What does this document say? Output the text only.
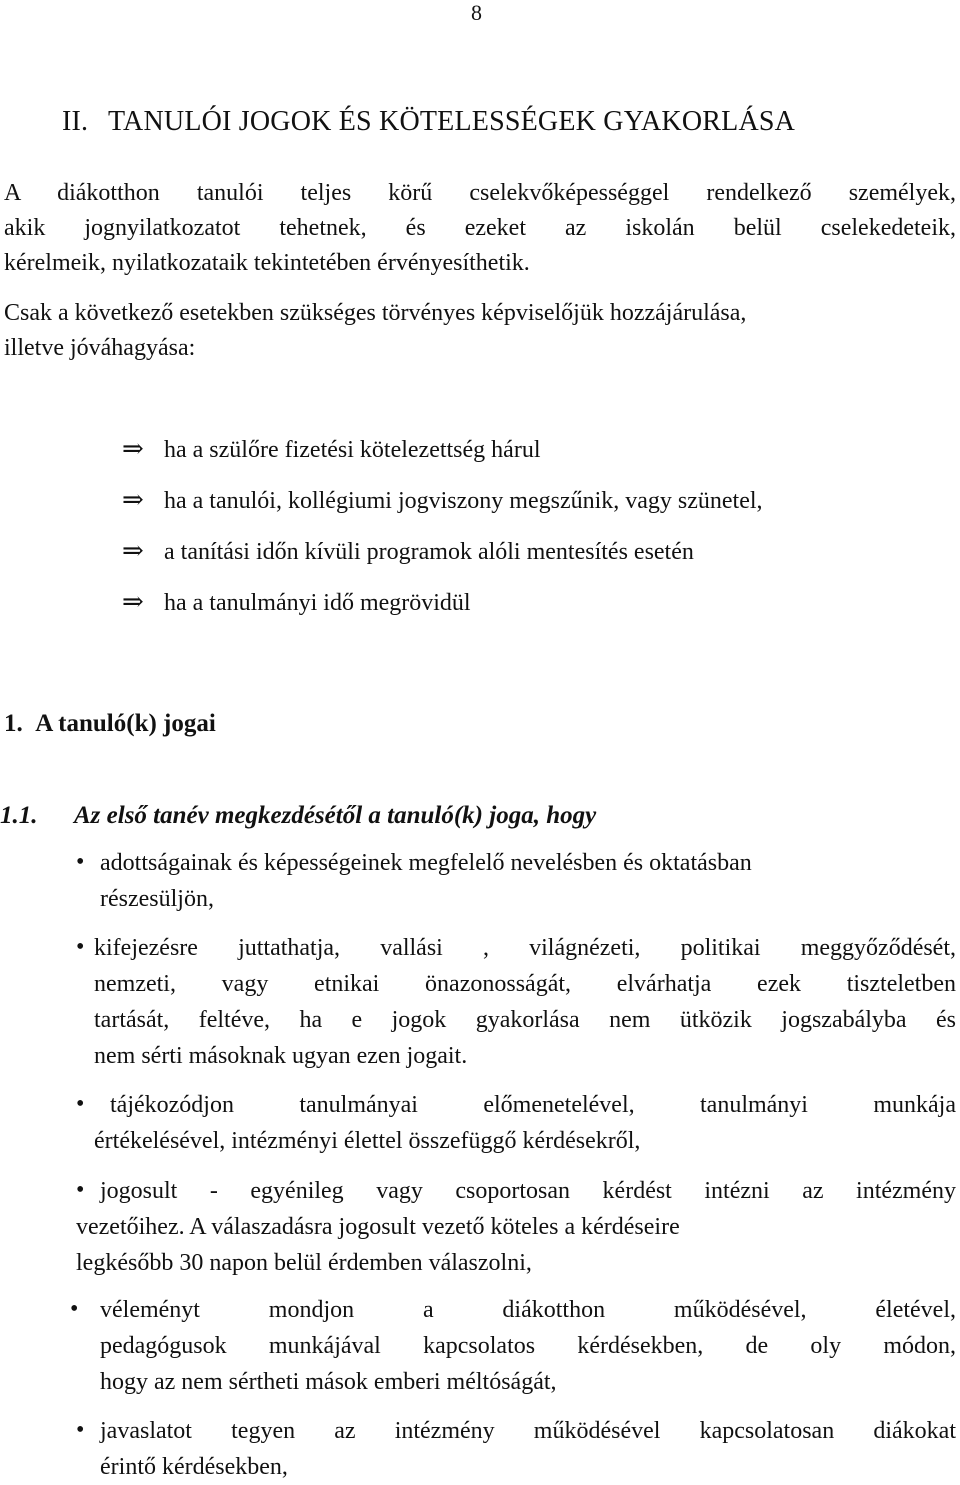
8
II. TANULÓI JOGOK ÉS KÖTELESSÉGEK GYAKORLÁSA
A diákotthon tanulói teljes körű cselekvőképességgel rendelkező személyek,
akik jognyilatkozatot tehetnek, és ezeket az iskolán belül cselekedeteik,
kérelmeik, nyilatkozataik tekintetében érvényesíthetik.
Csak a következő esetekben szükséges törvényes képviselőjük hozzájárulása,
illetve jóváhagyása:
⇒ ha a szülőre fizetési kötelezettség hárul
⇒ ha a tanulói, kollégiumi jogviszony megszűnik, vagy szünetel,
⇒ a tanítási időn kívüli programok alóli mentesítés esetén
⇒ ha a tanulmányi idő megrövidül
1. A tanuló(k) jogai
1.1. Az első tanév megkezdésétől a tanuló(k) joga, hogy
• adottságainak és képességeinek megfelelő nevelésben és oktatásban
részesüljön,
• kifejezésre juttathatja, vallási , világnézeti, politikai meggyőződését,
nemzeti, vagy etnikai önazonosságát, elvárhatja ezek tiszteletben
tartását, feltéve, ha e jogok gyakorlása nem ütközik jogszabályba és
nem sérti másoknak ugyan ezen jogait.
•	tájékozódjon tanulmányai előmenetelével, tanulmányi munkája
értékelésével, intézményi élettel összefüggő kérdésekről,
• jogosult - egyénileg vagy csoportosan kérdést intézni az intézmény
vezetőihez. A válaszadásra jogosult vezető köteles a kérdéseire
legkésőbb 30 napon belül érdemben válaszolni,
• véleményt mondjon a diákotthon működésével, életével,
pedagógusok munkájával kapcsolatos kérdésekben, de oly módon,
hogy az nem sértheti mások emberi méltóságát,
• javaslatot tegyen az intézmény működésével kapcsolatosan diákokat
érintő kérdésekben,
